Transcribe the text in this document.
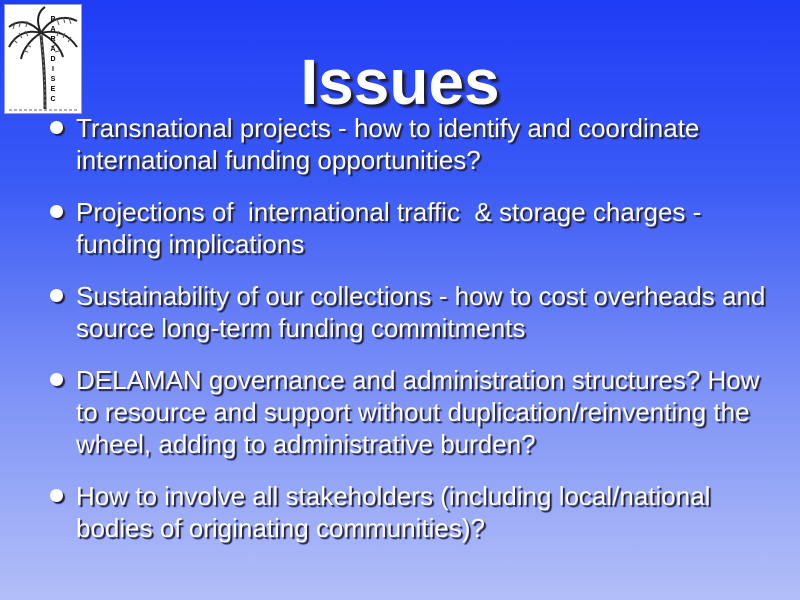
P
A
R
A
D
I
S
E
C	Issues
Transnational projects - how to identify and coordinate international funding opportunities?
Projections of  international traffic  & storage charges - funding implications
Sustainability of our collections - how to cost overheads and source long-term funding commitments
DELAMAN governance and administration structures? How to resource and support without duplication/reinventing the wheel, adding to administrative burden?
How to involve all stakeholders (including local/national bodies of originating communities)?
